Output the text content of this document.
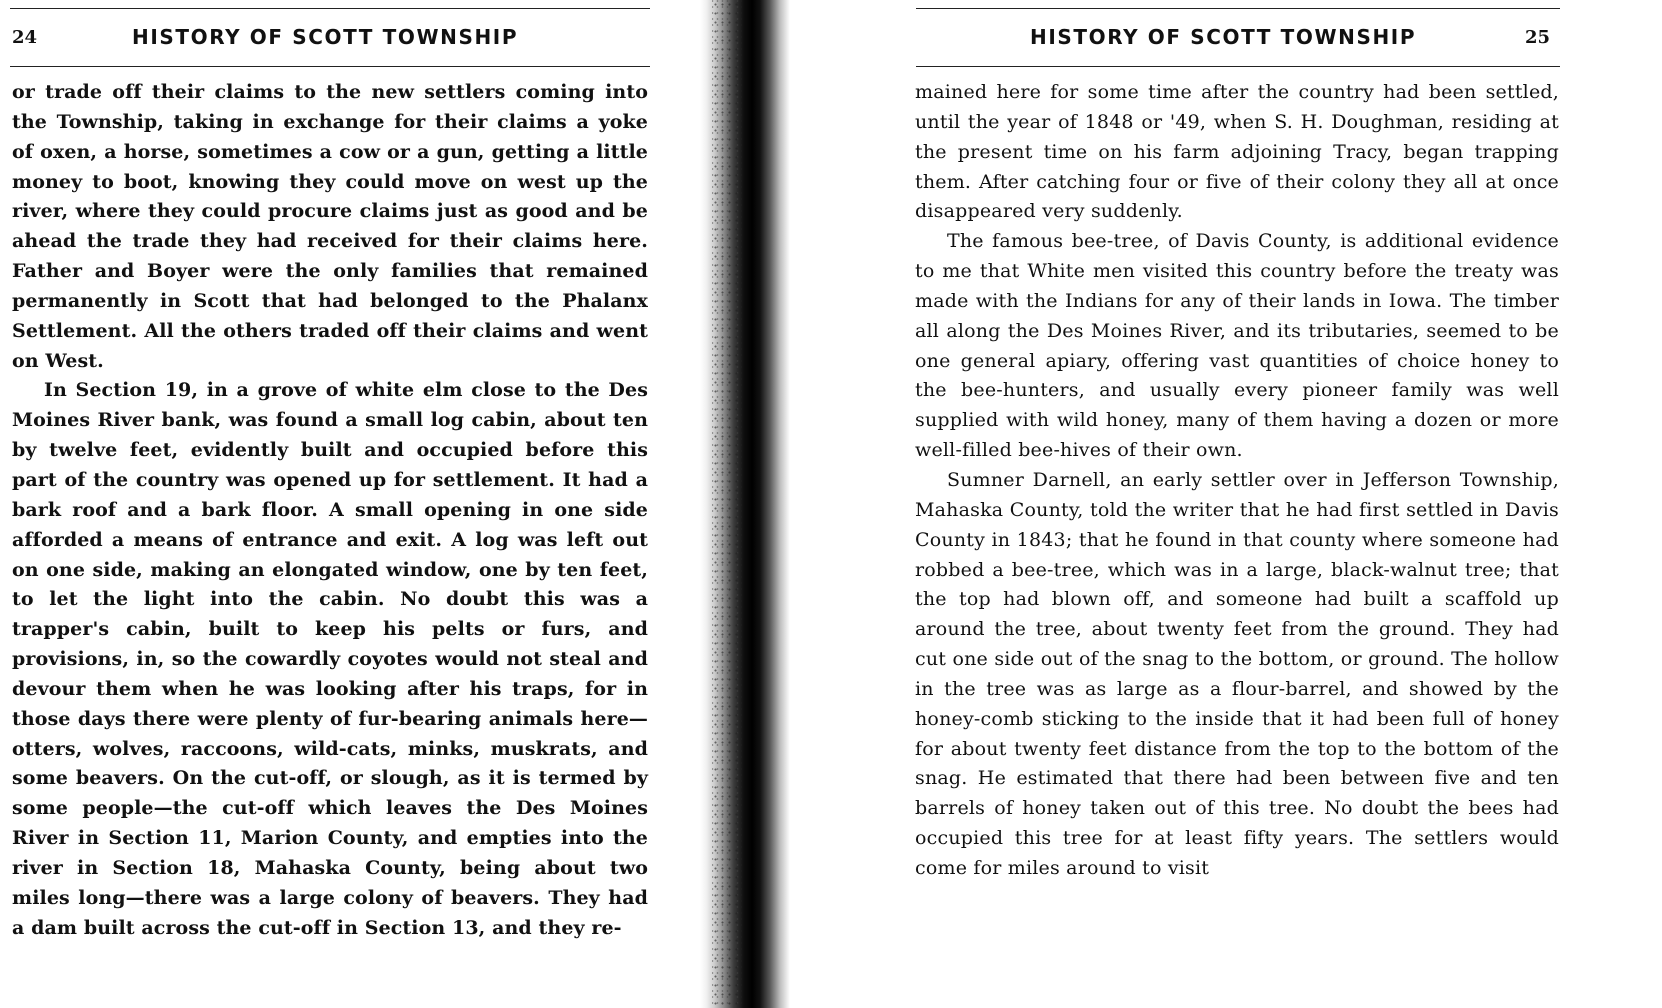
24	HISTORY OF SCOTT TOWNSHIP

or trade off their claims to the new settlers coming into the Township, taking in exchange for their claims a yoke of oxen, a horse, sometimes a cow or a gun, getting a little money to boot, knowing they could move on west up the river, where they could procure claims just as good and be ahead the trade they had received for their claims here. Father and Boyer were the only families that remained permanently in Scott that had belonged to the Phalanx Settlement. All the others traded off their claims and went on West.

In Section 19, in a grove of white elm close to the Des Moines River bank, was found a small log cabin, about ten by twelve feet, evidently built and occupied before this part of the country was opened up for settlement. It had a bark roof and a bark floor. A small opening in one side afforded a means of entrance and exit. A log was left out on one side, making an elongated window, one by ten feet, to let the light into the cabin. No doubt this was a trapper's cabin, built to keep his pelts or furs, and provisions, in, so the cowardly coyotes would not steal and devour them when he was looking after his traps, for in those days there were plenty of fur-bearing animals here—otters, wolves, raccoons, wild-cats, minks, muskrats, and some beavers. On the cut-off, or slough, as it is termed by some people—the cut-off which leaves the Des Moines River in Section 11, Marion County, and empties into the river in Section 18, Mahaska County, being about two miles long—there was a large colony of beavers. They had a dam built across the cut-off in Section 13, and they re-

HISTORY OF SCOTT TOWNSHIP	25

mained here for some time after the country had been settled, until the year of 1848 or '49, when S. H. Doughman, residing at the present time on his farm adjoining Tracy, began trapping them. After catching four or five of their colony they all at once disappeared very suddenly.

The famous bee-tree, of Davis County, is additional evidence to me that White men visited this country before the treaty was made with the Indians for any of their lands in Iowa. The timber all along the Des Moines River, and its tributaries, seemed to be one general apiary, offering vast quantities of choice honey to the bee-hunters, and usually every pioneer family was well supplied with wild honey, many of them having a dozen or more well-filled bee-hives of their own.

Sumner Darnell, an early settler over in Jefferson Township, Mahaska County, told the writer that he had first settled in Davis County in 1843; that he found in that county where someone had robbed a bee-tree, which was in a large, black-walnut tree; that the top had blown off, and someone had built a scaffold up around the tree, about twenty feet from the ground. They had cut one side out of the snag to the bottom, or ground. The hollow in the tree was as large as a flour-barrel, and showed by the honey-comb sticking to the inside that it had been full of honey for about twenty feet distance from the top to the bottom of the snag. He estimated that there had been between five and ten barrels of honey taken out of this tree. No doubt the bees had occupied this tree for at least fifty years. The settlers would come for miles around to visit
